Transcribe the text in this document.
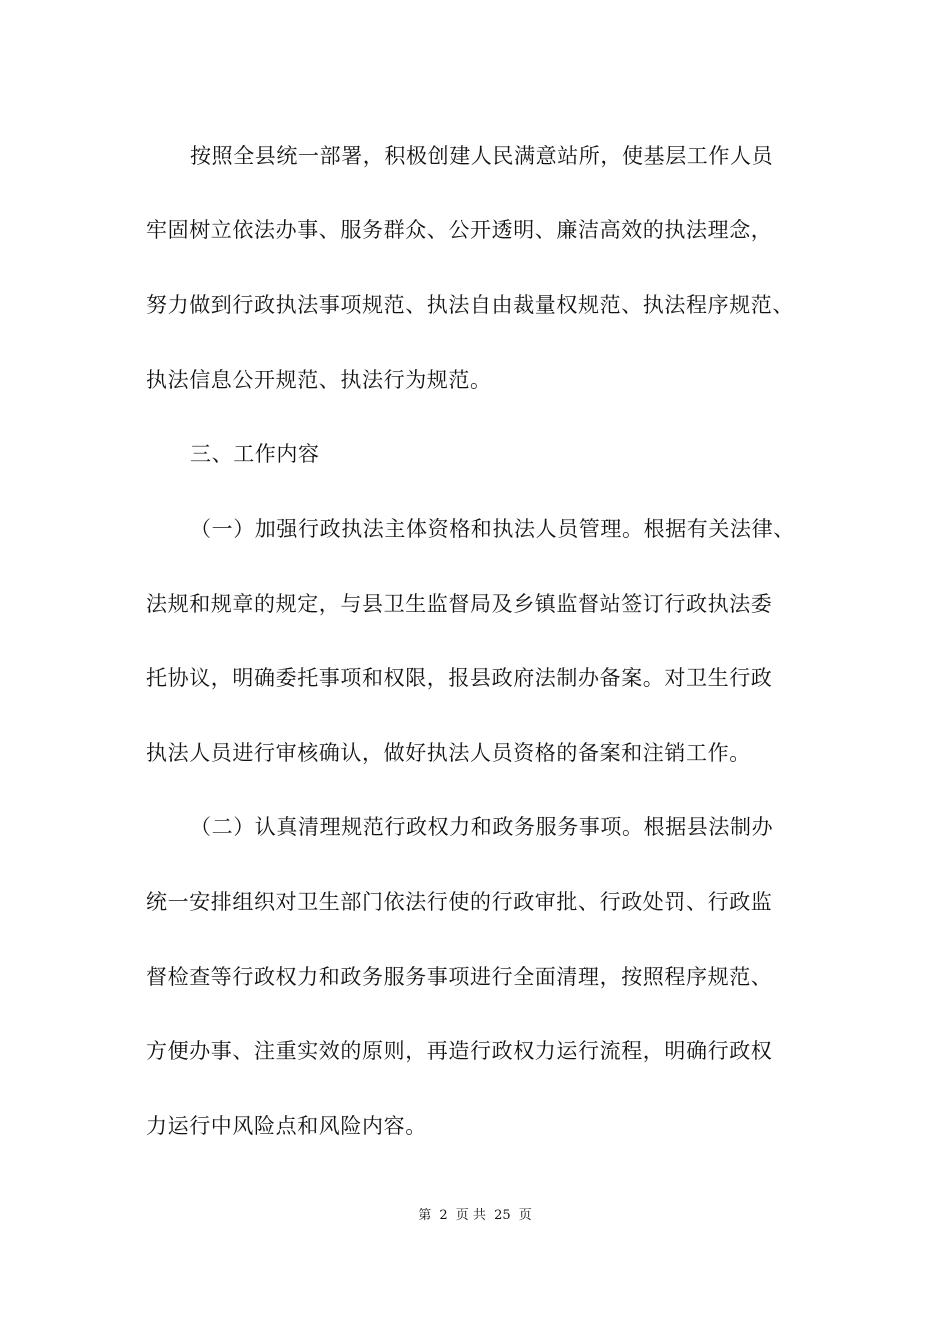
按照全县统一部署，积极创建人民满意站所，使基层工作人员
牢固树立依法办事、服务群众、公开透明、廉洁高效的执法理念，
努力做到行政执法事项规范、执法自由裁量权规范、执法程序规范、
执法信息公开规范、执法行为规范。
三、工作内容
（一）加强行政执法主体资格和执法人员管理。根据有关法律、
法规和规章的规定，与县卫生监督局及乡镇监督站签订行政执法委
托协议，明确委托事项和权限，报县政府法制办备案。对卫生行政
执法人员进行审核确认，做好执法人员资格的备案和注销工作。
（二）认真清理规范行政权力和政务服务事项。根据县法制办
统一安排组织对卫生部门依法行使的行政审批、行政处罚、行政监
督检查等行政权力和政务服务事项进行全面清理，按照程序规范、
方便办事、注重实效的原则，再造行政权力运行流程，明确行政权
力运行中风险点和风险内容。
第 2 页 共 25 页
